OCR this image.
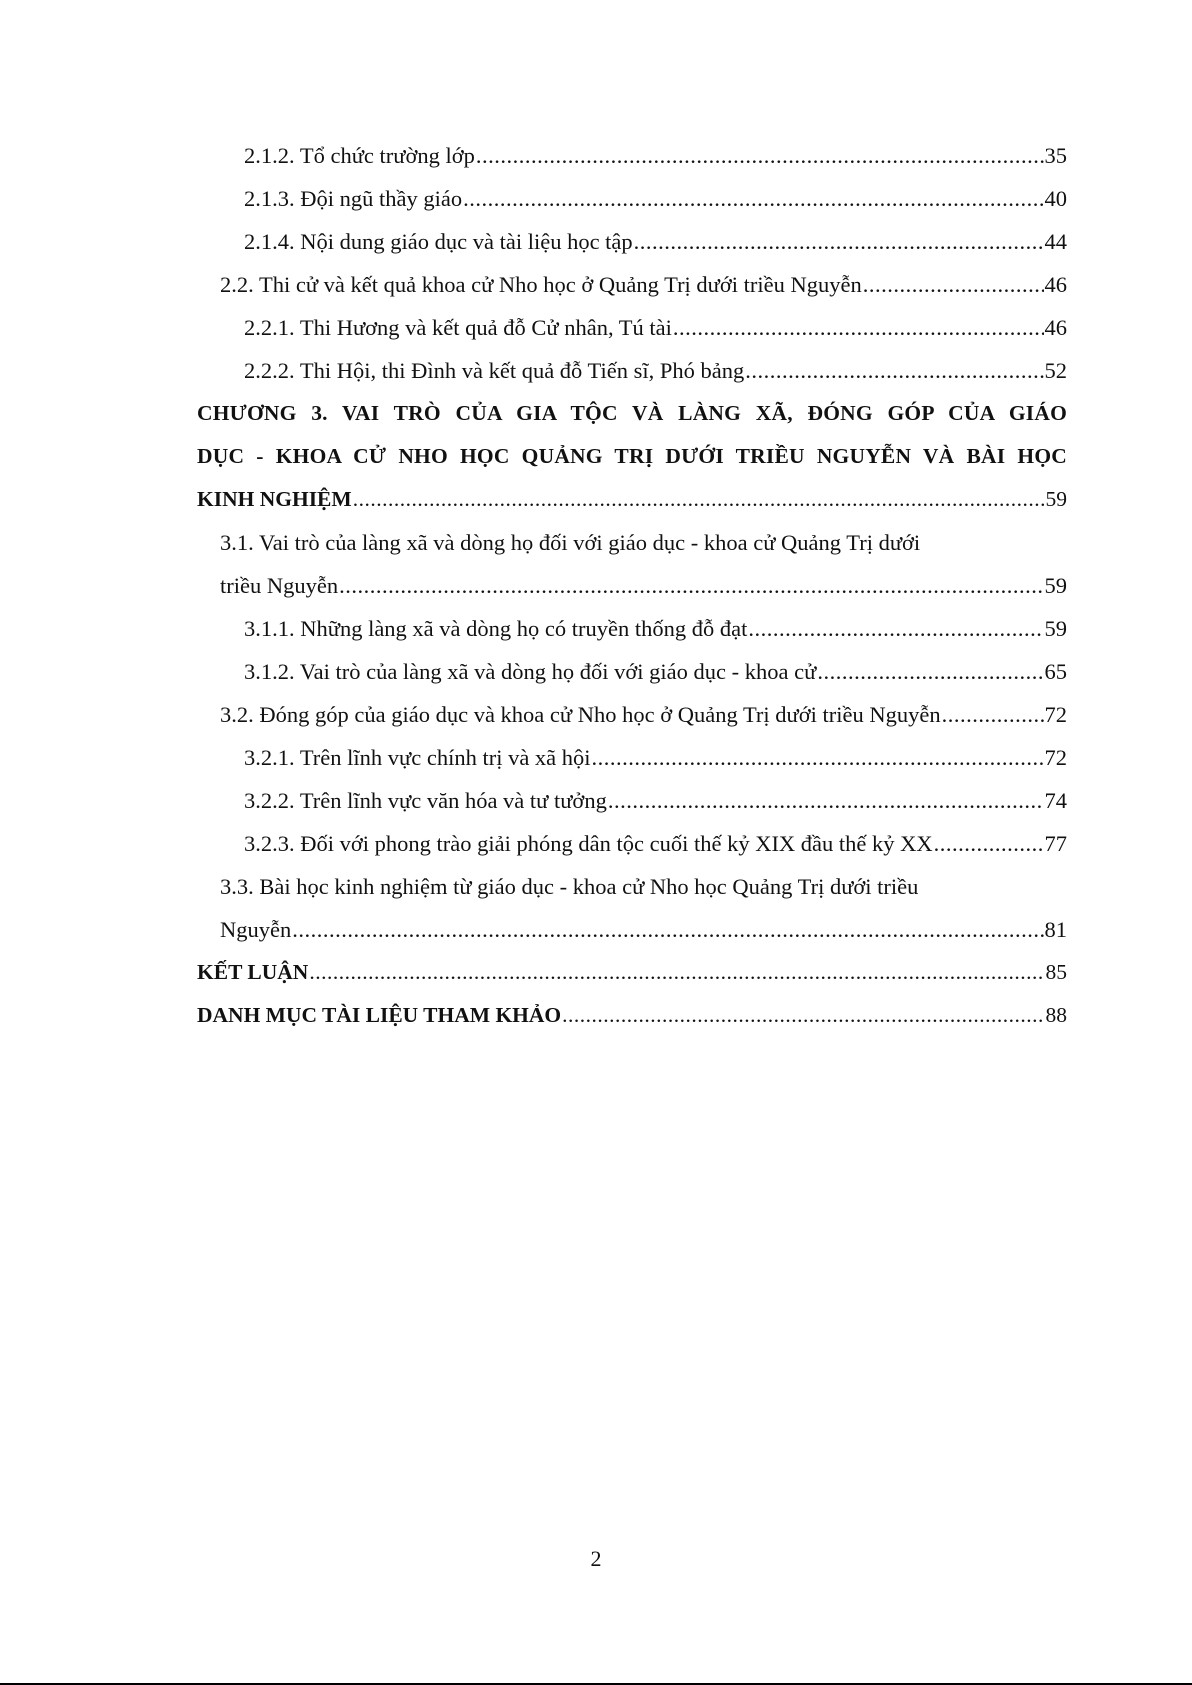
2.1.2. Tổ chức trường lớp .....	35
2.1.3. Đội ngũ thầy giáo .....	40
2.1.4. Nội dung giáo dục và tài liệu học tập .....	44
2.2. Thi cử và kết quả khoa cử Nho học ở Quảng Trị dưới triều Nguyễn .....	46
2.2.1. Thi Hương và kết quả đỗ Cử nhân, Tú tài .....	46
2.2.2. Thi Hội, thi Đình và kết quả đỗ Tiến sĩ, Phó bảng .....	52
CHƯƠNG 3. VAI TRÒ CỦA GIA TỘC VÀ LÀNG XÃ, ĐÓNG GÓP CỦA GIÁO
DỤC - KHOA CỬ NHO HỌC QUẢNG TRỊ DƯỚI TRIỀU NGUYỄN VÀ BÀI HỌC
KINH NGHIỆM .....	59
3.1. Vai trò của làng xã và dòng họ đối với giáo dục - khoa cử Quảng Trị dưới
triều Nguyễn .....	59
3.1.1. Những làng xã và dòng họ có truyền thống đỗ đạt .....	59
3.1.2. Vai trò của làng xã và dòng họ đối với giáo dục - khoa cử .....	65
3.2. Đóng góp của giáo dục và khoa cử Nho học ở Quảng Trị dưới triều Nguyễn .....	72
3.2.1. Trên lĩnh vực chính trị và xã hội .....	72
3.2.2. Trên lĩnh vực văn hóa và tư tưởng .....	74
3.2.3. Đối với phong trào giải phóng dân tộc cuối thế kỷ XIX đầu thế kỷ XX .....	77
3.3. Bài học kinh nghiệm từ giáo dục - khoa cử Nho học Quảng Trị dưới triều
Nguyễn .....	81
KẾT LUẬN .....	85
DANH MỤC TÀI LIỆU THAM KHẢO .....	88
2
